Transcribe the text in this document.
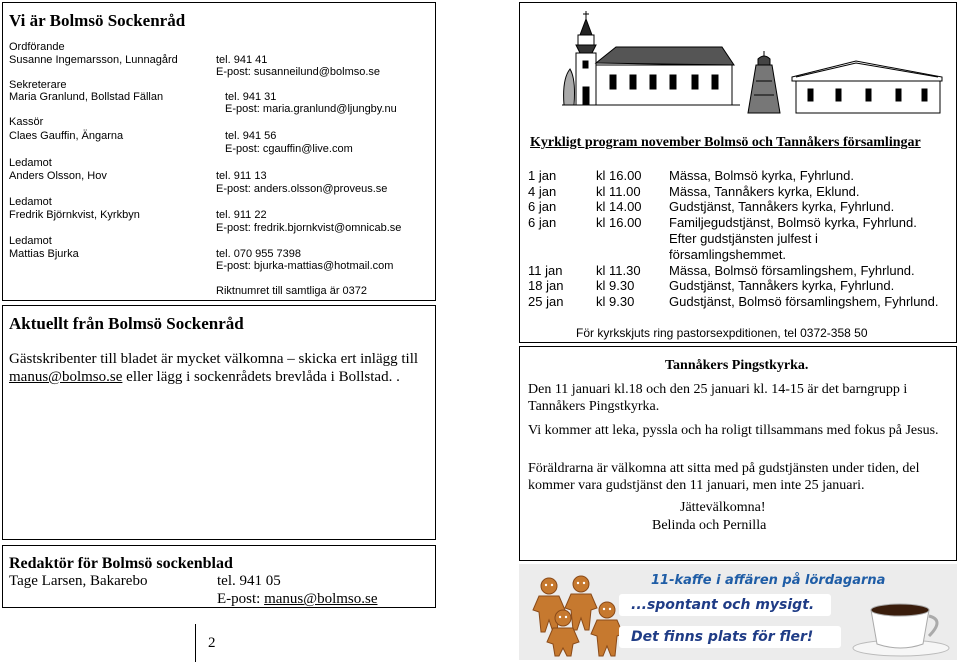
Vi är Bolmsö Sockenråd
Ordförande
Susanne Ingemarsson, Lunnagård	tel. 941 41
E-post: susanneilund@bolmso.se
Sekreterare
Maria Granlund, Bollstad Fällan	tel. 941 31
E-post: maria.granlund@ljungby.nu
Kassör
Claes Gauffin, Ängarna	tel. 941 56
E-post: cgauffin@live.com
Ledamot
Anders Olsson, Hov	tel. 911 13
E-post: anders.olsson@proveus.se
Ledamot
Fredrik Björnkvist, Kyrkbyn	tel. 911 22
E-post: fredrik.bjornkvist@omnicab.se
Ledamot
Mattias Bjurka	tel. 070 955 7398
E-post: bjurka-mattias@hotmail.com
Riktnumret till samtliga är 0372
Aktuellt från Bolmsö Sockenråd
Gästskribenter till bladet är mycket välkomna – skicka ert inlägg till manus@bolmso.se eller lägg i sockenrådets brevlåda i Bollstad. .
Redaktör för Bolmsö sockenblad
Tage Larsen, Bakarebo	tel. 941 05
E-post: manus@bolmso.se
2
Kyrkligt program november Bolmsö och Tannåkers församlingar
1 jan	kl 16.00 Mässa, Bolmsö kyrka, Fyhrlund.
4 jan	kl 11.00 Mässa, Tannåkers kyrka, Eklund.
6 jan	kl 14.00 Gudstjänst, Tannåkers kyrka, Fyhrlund.
6 jan	kl 16.00 Familjegudstjänst, Bolmsö kyrka, Fyhrlund.
Efter gudstjänsten julfest i
församlingshemmet.
11 jan	kl 11.30 Mässa, Bolmsö församlingshem, Fyhrlund.
18 jan	kl 9.30	Gudstjänst, Tannåkers kyrka, Fyhrlund.
25 jan	kl 9.30	Gudstjänst, Bolmsö församlingshem, Fyhrlund.
För kyrkskjuts ring pastorsexpditionen, tel 0372-358 50
Tannåkers Pingstkyrka.
Den 11 januari kl.18 och den 25 januari kl. 14-15 är det barngrupp i Tannåkers Pingstkyrka.
Vi kommer att leka, pyssla och ha roligt tillsammans med fokus på Jesus.
Föräldrarna är välkomna att sitta med på gudstjänsten under tiden, del kommer vara gudstjänst den 11 januari, men inte 25 januari.
Jättevälkomna!
Belinda och Pernilla
11-kaffe i affären på lördagarna
...spontant och mysigt.
Det finns plats för fler!
